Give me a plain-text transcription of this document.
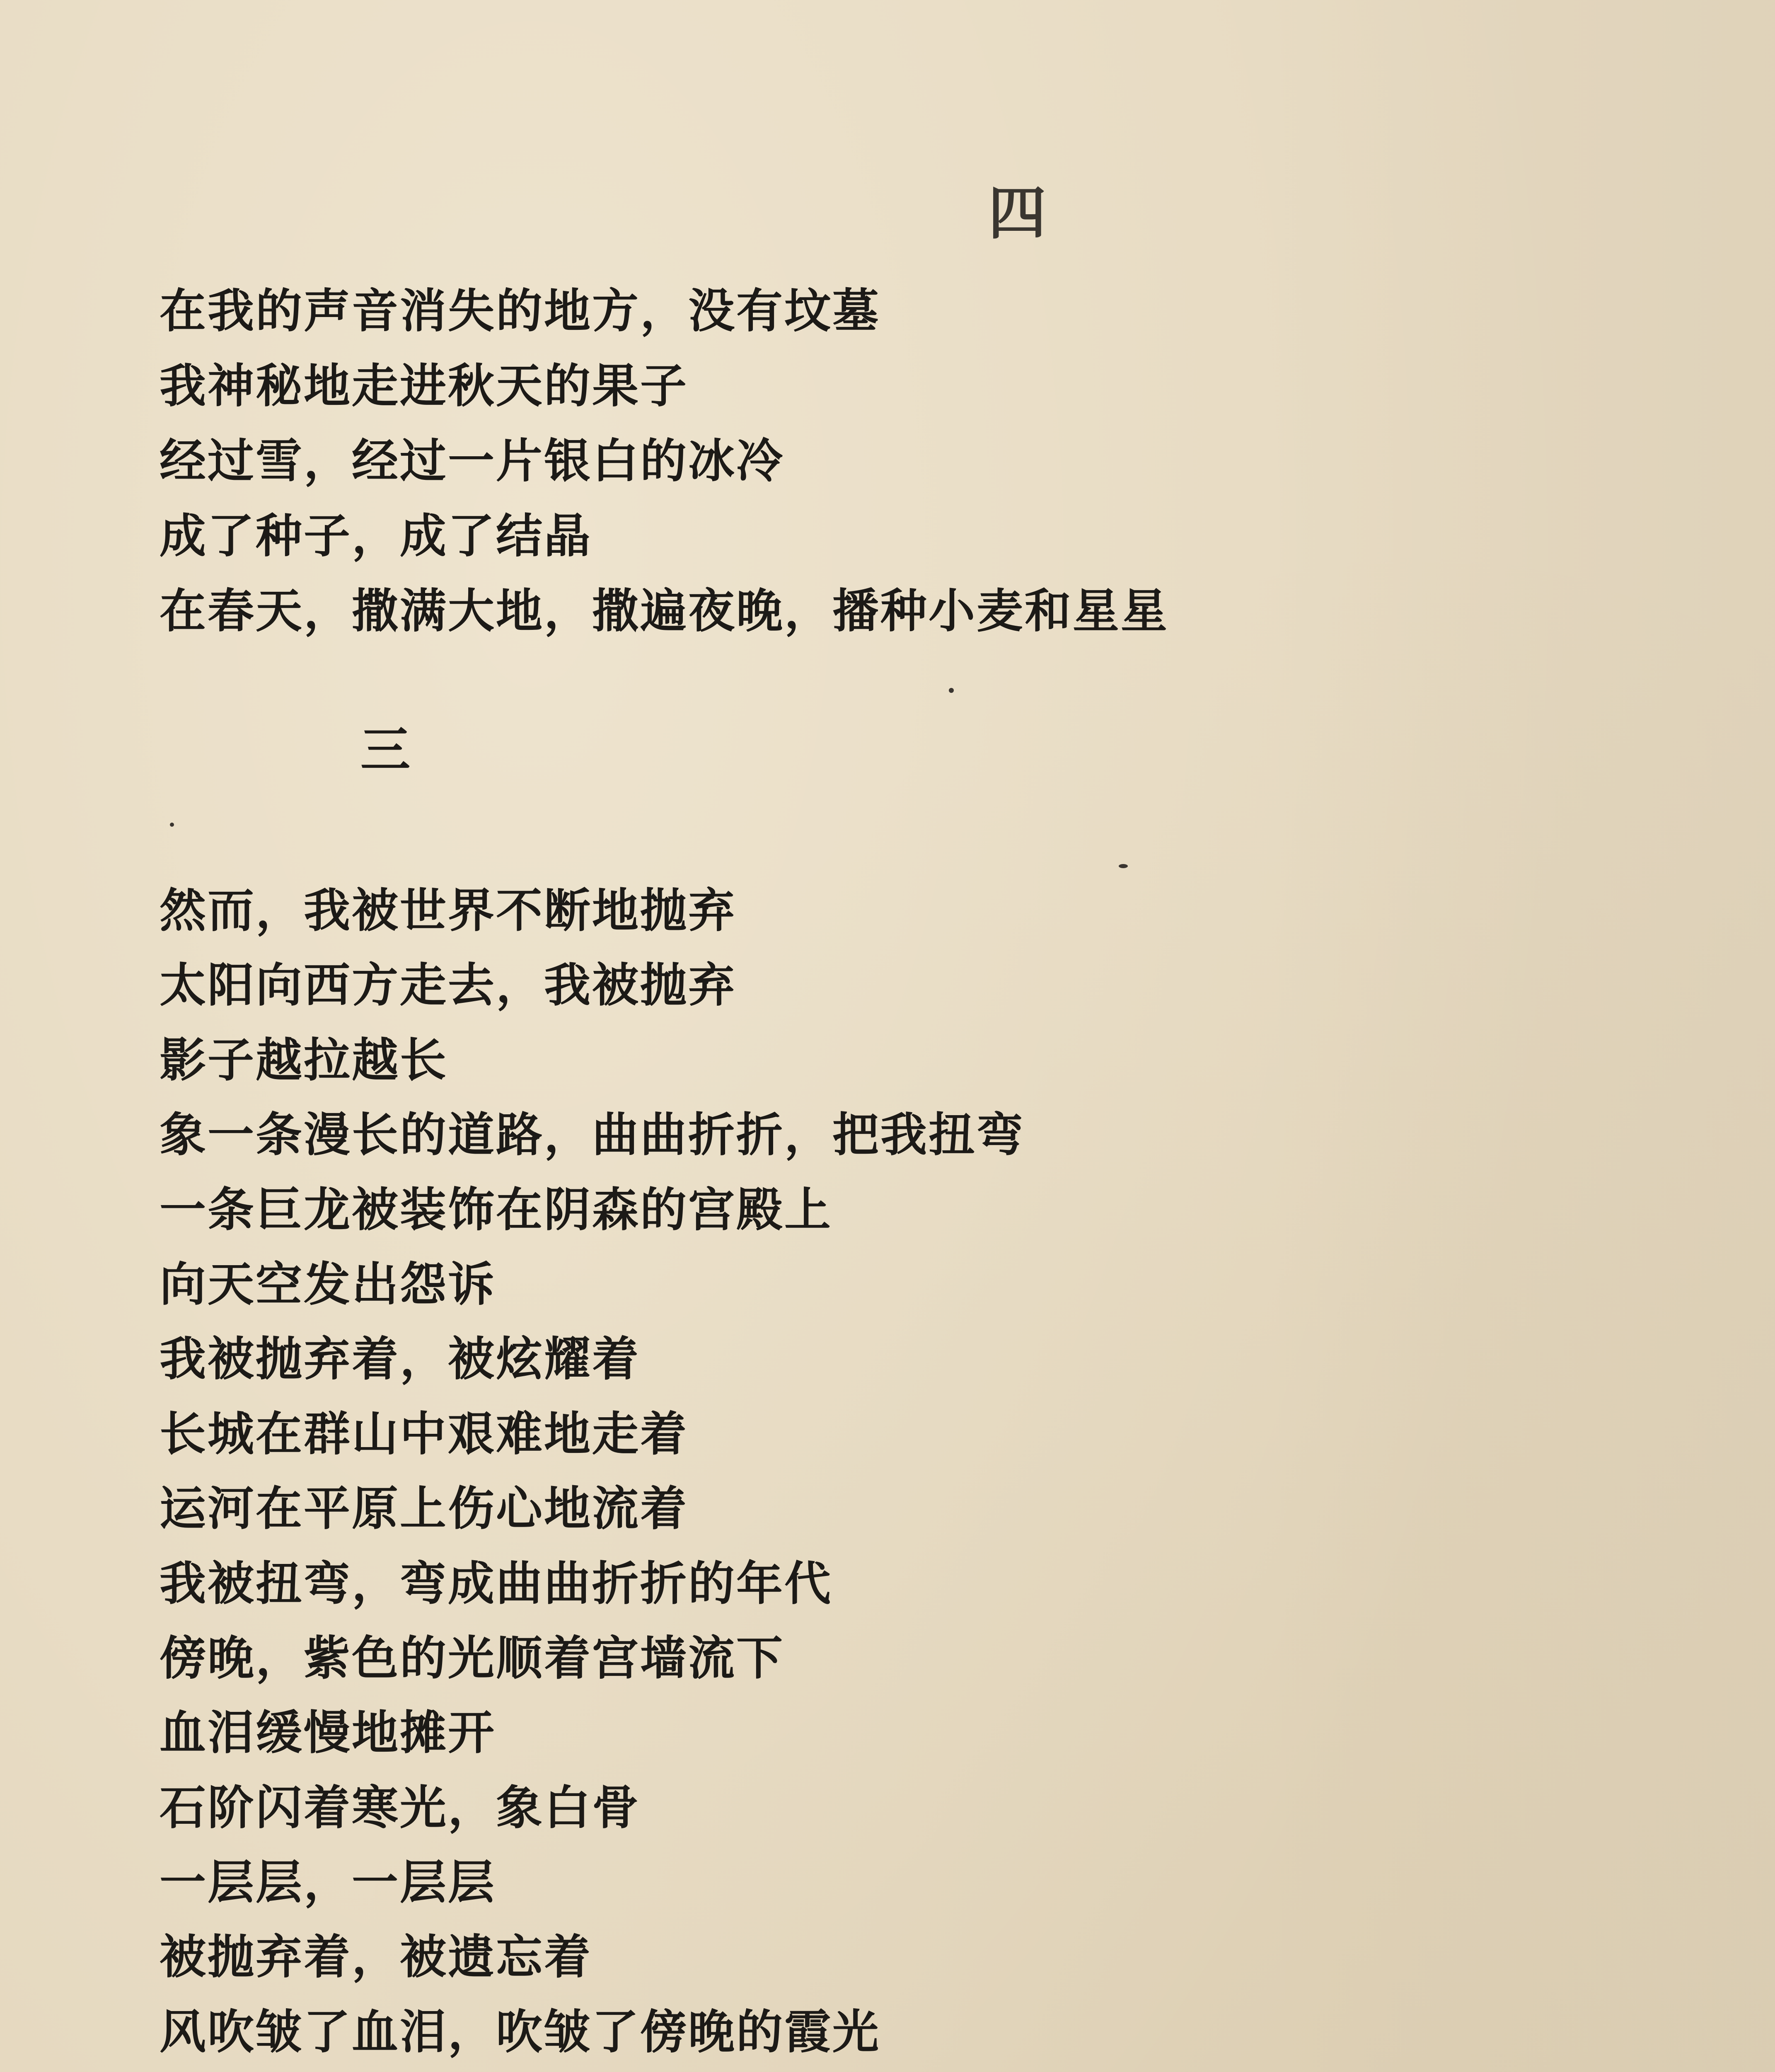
四
在我的声音消失的地方，没有坟墓
我神秘地走进秋天的果子
经过雪，经过一片银白的冰冷
成了种子，成了结晶
在春天，撒满大地，撒遍夜晚，播种小麦和星星
三
然而，我被世界不断地抛弃
太阳向西方走去，我被抛弃
影子越拉越长
象一条漫长的道路，曲曲折折，把我扭弯
一条巨龙被装饰在阴森的宫殿上
向天空发出怨诉
我被抛弃着，被炫耀着
长城在群山中艰难地走着
运河在平原上伤心地流着
我被扭弯，弯成曲曲折折的年代
傍晚，紫色的光顺着宫墙流下
血泪缓慢地摊开
石阶闪着寒光，象白骨
一层层，一层层
被抛弃着，被遗忘着
风吹皱了血泪，吹皱了傍晚的霞光
